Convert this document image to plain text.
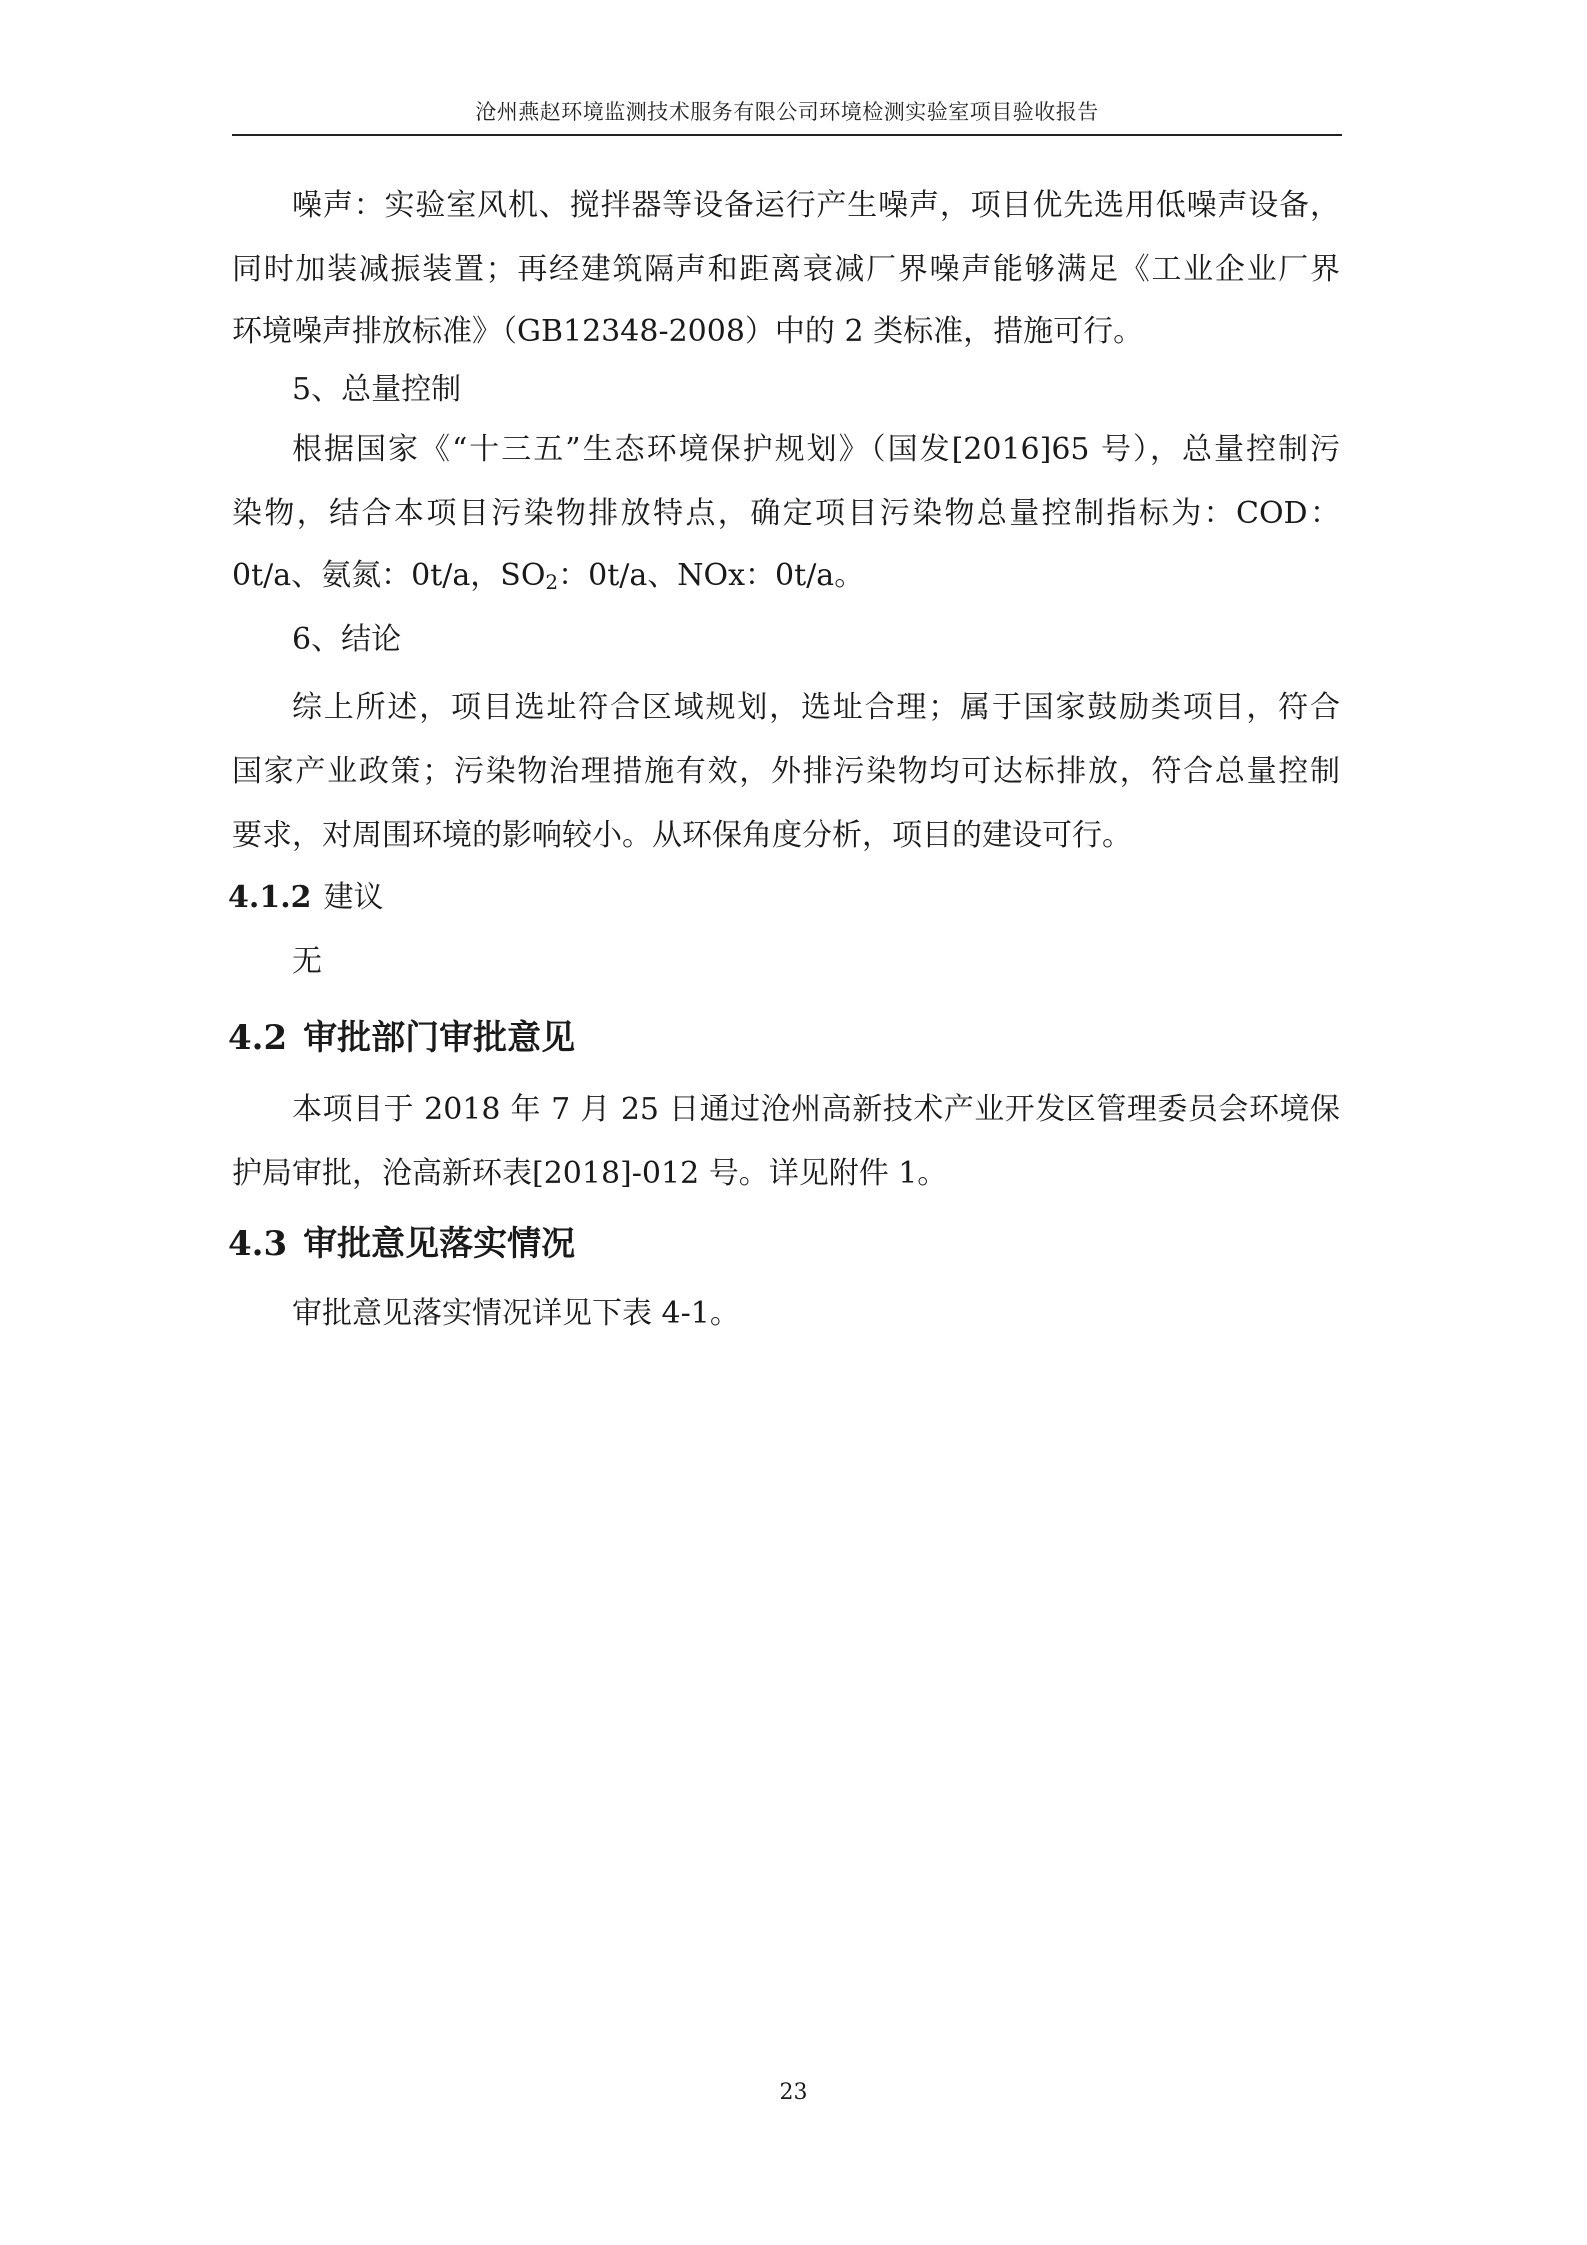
沧州燕赵环境监测技术服务有限公司环境检测实验室项目验收报告
噪声：实验室风机、搅拌器等设备运行产生噪声，项目优先选用低噪声设备，
同时加装减振装置；再经建筑隔声和距离衰减厂界噪声能够满足《工业企业厂界
环境噪声排放标准》（GB12348-2008）中的 2 类标准，措施可行。
5、总量控制
根据国家《“十三五”生态环境保护规划》（国发[2016]65 号），总量控制污
染物，结合本项目污染物排放特点，确定项目污染物总量控制指标为：COD：
0t/a、氨氮：0t/a，$SO_2$：0t/a、NOx：0t/a。
6、结论
综上所述，项目选址符合区域规划，选址合理；属于国家鼓励类项目，符合
国家产业政策；污染物治理措施有效，外排污染物均可达标排放，符合总量控制
要求，对周围环境的影响较小。从环保角度分析，项目的建设可行。
4.1.2 建议
无
4.2 审批部门审批意见
本项目于 2018 年 7 月 25 日通过沧州高新技术产业开发区管理委员会环境保
护局审批，沧高新环表[2018]-012 号。详见附件 1。
4.3 审批意见落实情况
审批意见落实情况详见下表 4-1。
23
